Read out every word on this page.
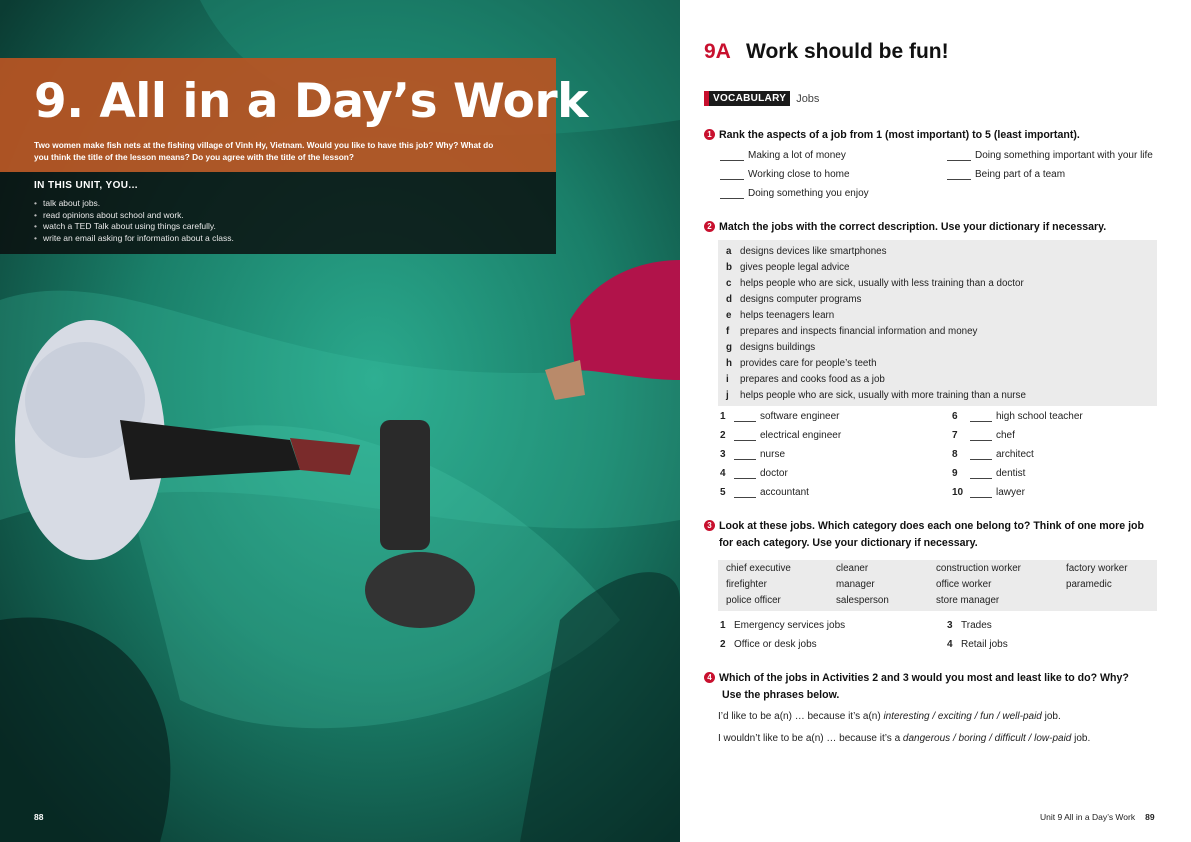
9. All in a Day’s Work

Two women make fish nets at the fishing village of Vinh Hy, Vietnam. Would you like to have this job? Why? What do you think the title of the lesson means? Do you agree with the title of the lesson?

IN THIS UNIT, YOU...
• talk about jobs.
• read opinions about school and work.
• watch a TED Talk about using things carefully.
• write an email asking for information about a class.
88
9A Work should be fun!
VOCABULARY Jobs
1 Rank the aspects of a job from 1 (most important) to 5 (least important).
Making a lot of money	Doing something important with your life
Working close to home	Being part of a team
Doing something you enjoy
2 Match the jobs with the correct description. Use your dictionary if necessary.
a designs devices like smartphones
b gives people legal advice
c helps people who are sick, usually with less training than a doctor
d designs computer programs
e helps teenagers learn
f	prepares and inspects financial information and money
g designs buildings
h provides care for people’s teeth
i	prepares and cooks food as a job
j	helps people who are sick, usually with more training than a nurse
1	software engineer
2	electrical engineer
3	nurse
4	doctor
5	accountant
6	high school teacher
7	chef
8	architect
9	dentist
10	lawyer
3 Look at these jobs. Which category does each one belong to? Think of one more job
for each category. Use your dictionary if necessary.
chief executive	cleaner	construction worker	factory worker
firefighter	manager	office worker	paramedic
police officer	salesperson	store manager
1 Emergency services jobs
2 Office or desk jobs
3 Trades
4 Retail jobs
4 Which of the jobs in Activities 2 and 3 would you most and least like to do? Why?
Use the phrases below.
I’d like to be a(n) … because it’s a(n) interesting / exciting / fun / well-paid job.
I wouldn’t like to be a(n) … because it’s a dangerous / boring / difficult / low-paid job.
Unit 9 All in a Day’s Work 89
